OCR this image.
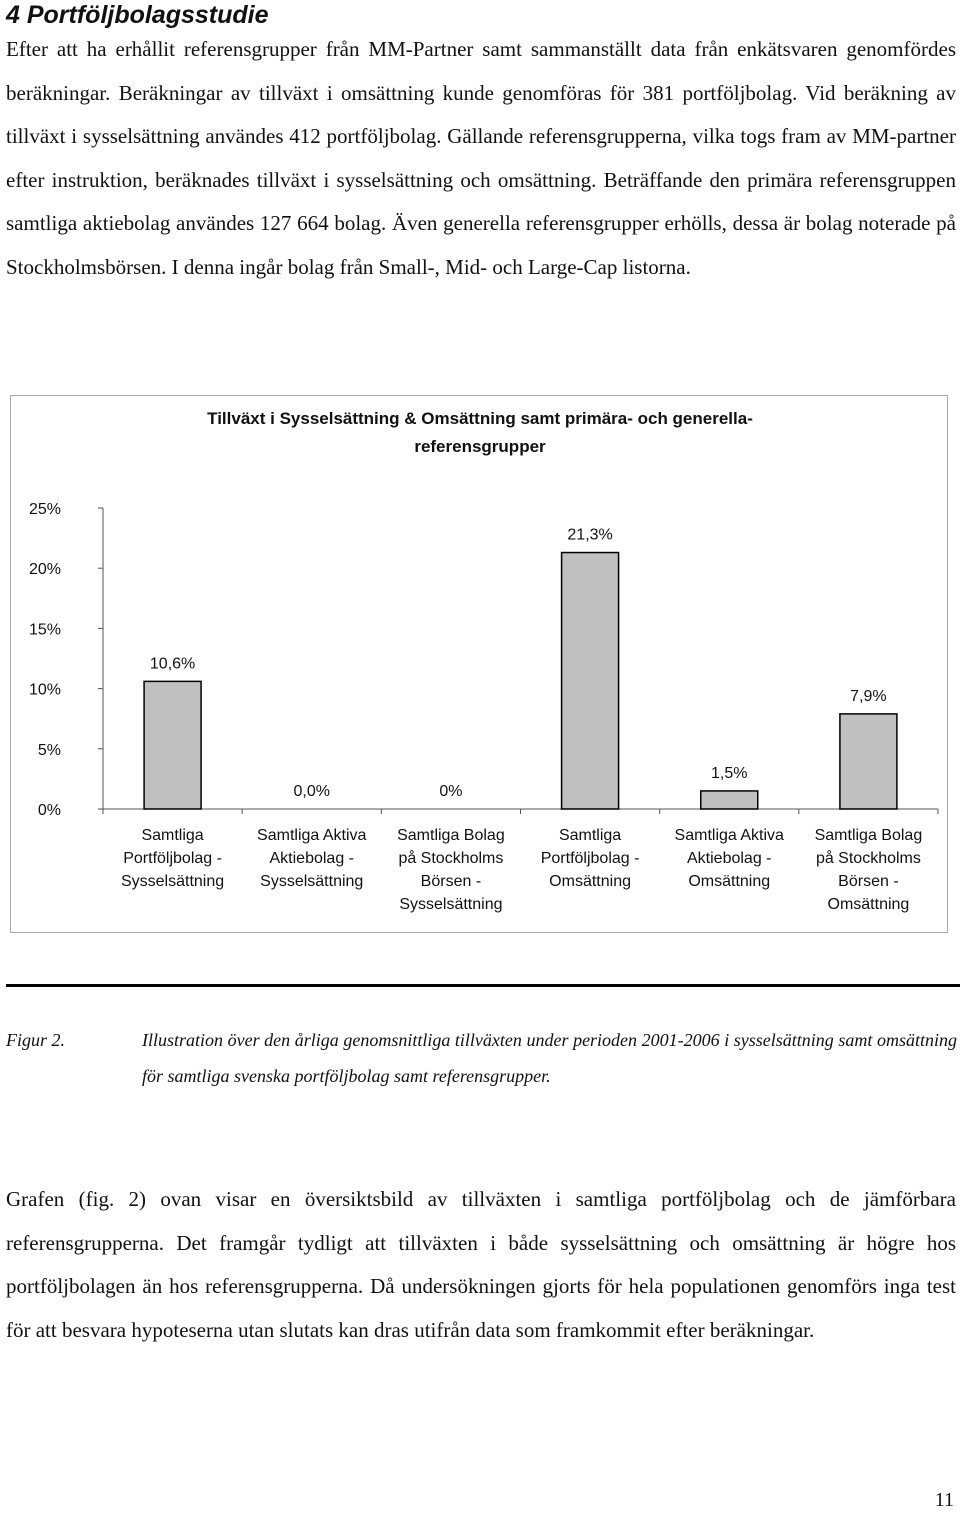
4 Portföljbolagsstudie

Efter att ha erhållit referensgrupper från MM-Partner samt sammanställt data från enkätsvaren genomfördes beräkningar. Beräkningar av tillväxt i omsättning kunde genomföras för 381 portföljbolag. Vid beräkning av tillväxt i sysselsättning användes 412 portföljbolag. Gällande referensgrupperna, vilka togs fram av MM-partner efter instruktion, beräknades tillväxt i sysselsättning och omsättning. Beträffande den primära referensgruppen samtliga aktiebolag användes 127 664 bolag. Även generella referensgrupper erhölls, dessa är bolag noterade på Stockholmsbörsen. I denna ingår bolag från Small-, Mid- och Large-Cap listorna.

Tillväxt i Sysselsättning & Omsättning samt primära- och generella-
referensgrupper
0%
5%
10%
15%
20%
25%
10,6%
Samtliga Portföljbolag -Sysselsättning
0,0%
Samtliga Aktiva Aktiebolag -Sysselsättning
0%
Samtliga Bolag på Stockholms Börsen -Sysselsättning
21,3%
Samtliga Portföljbolag -Omsättning
1,5%
Samtliga Aktiva Aktiebolag -Omsättning
7,9%
Samtliga Bolag på Stockholms Börsen -Omsättning

Figur 2.	Illustration över den årliga genomsnittliga tillväxten under perioden 2001-2006 i sysselsättning samt omsättning för samtliga svenska portföljbolag samt referensgrupper.

Grafen (fig. 2) ovan visar en översiktsbild av tillväxten i samtliga portföljbolag och de jämförbara referensgrupperna. Det framgår tydligt att tillväxten i både sysselsättning och omsättning är högre hos portföljbolagen än hos referensgrupperna. Då undersökningen gjorts för hela populationen genomförs inga test för att besvara hypoteserna utan slutats kan dras utifrån data som framkommit efter beräkningar.

11
